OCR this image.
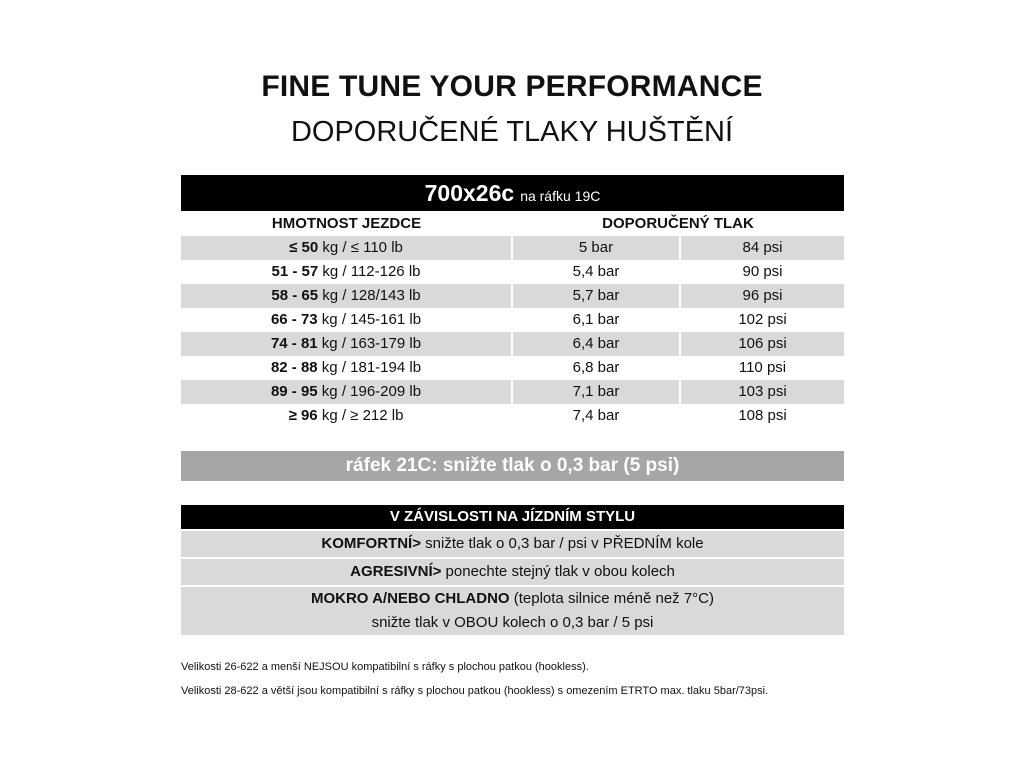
FINE TUNE YOUR PERFORMANCE
DOPORUČENÉ TLAKY HUŠTĚNÍ
700x26c na ráfku 19C
HMOTNOST JEZDCE	DOPORUČENÝ TLAK
≤ 50 kg / ≤ 110 lb	5 bar	84 psi
51 - 57 kg / 112-126 lb	5,4 bar	90 psi
58 - 65 kg / 128/143 lb	5,7 bar	96 psi
66 - 73 kg / 145-161 lb	6,1 bar	102 psi
74 - 81 kg / 163-179 lb	6,4 bar	106 psi
82 - 88 kg / 181-194 lb	6,8 bar	110 psi
89 - 95 kg / 196-209 lb	7,1 bar	103 psi
≥ 96 kg / ≥ 212 lb	7,4 bar	108 psi
ráfek 21C: snižte tlak o 0,3 bar (5 psi)
V ZÁVISLOSTI NA JÍZDNÍM STYLU
KOMFORTNÍ> snižte tlak o 0,3 bar / psi v PŘEDNÍM kole
AGRESIVNÍ> ponechte stejný tlak v obou kolech
MOKRO A/NEBO CHLADNO (teplota silnice méně než 7°C)
snižte tlak v OBOU kolech o 0,3 bar / 5 psi
Velikosti 26-622 a menší NEJSOU kompatibilní s ráfky s plochou patkou (hookless).
Velikosti 28-622 a větší jsou kompatibilní s ráfky s plochou patkou (hookless) s omezením ETRTO max. tlaku 5bar/73psi.
